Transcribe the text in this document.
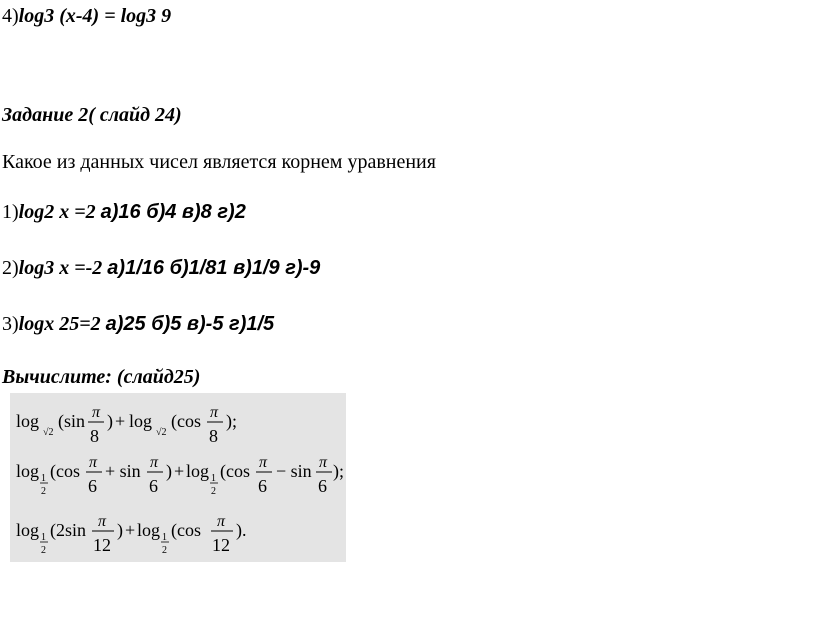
4)log3 (x-4) = log3 9
Задание 2( слайд 24)
Какое из данных чисел является корнем уравнения
1)log2 x =2 а)16 б)4 в)8 г)2
2)log3 x =-2 а)1/16 б)1/81 в)1/9 г)-9
3)logx 25=2 а)25 б)5 в)-5 г)1/5
Вычислите: (слайд25)
log
√2
(sin π
8
) + log
√2
(cos π
8
);
log 1
2
(cos π
6
+ sin π
6
) + log 1
2
(cos π
6
− sin π
6
);
log 1
2
(2sin π
12
) + log 1
2
(cos π
12
).
